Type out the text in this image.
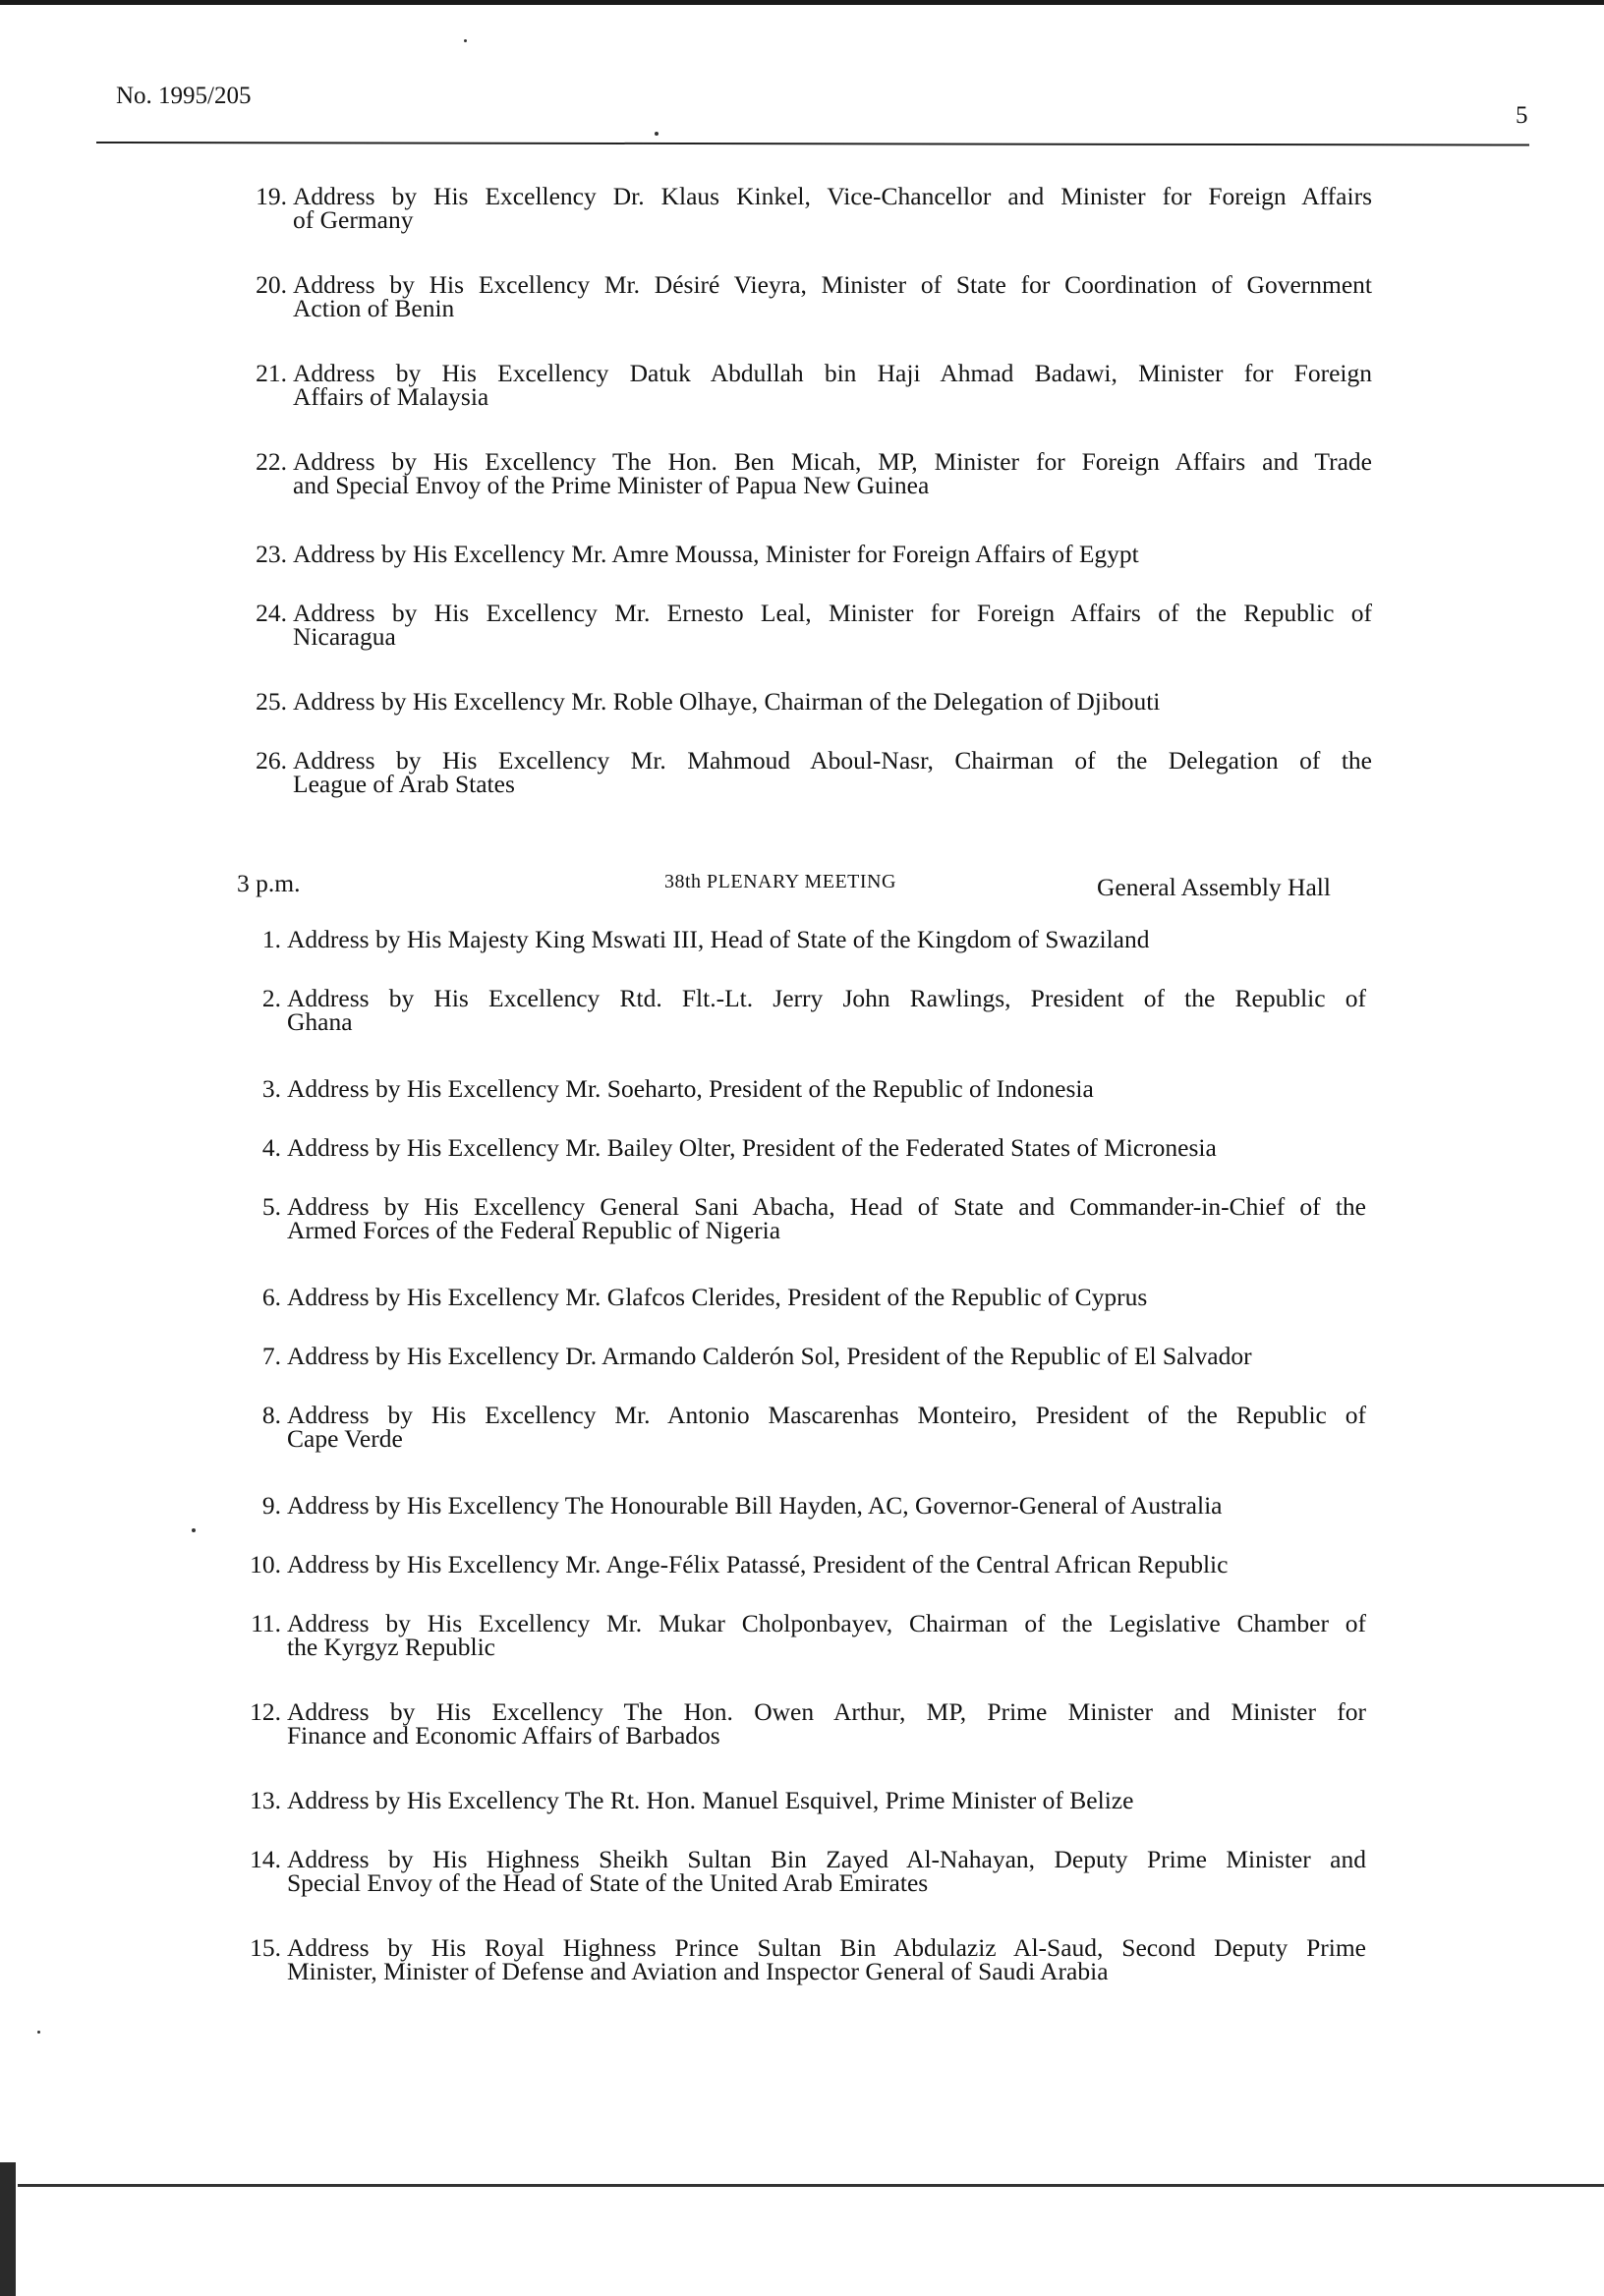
No. 1995/205
5
19. Address by His Excellency Dr. Klaus Kinkel, Vice-Chancellor and Minister for Foreign Affairs
of Germany
20. Address by His Excellency Mr. Désiré Vieyra, Minister of State for Coordination of Government
Action of Benin
21. Address by His Excellency Datuk Abdullah bin Haji Ahmad Badawi, Minister for Foreign
Affairs of Malaysia
22. Address by His Excellency The Hon. Ben Micah, MP, Minister for Foreign Affairs and Trade
and Special Envoy of the Prime Minister of Papua New Guinea
23. Address by His Excellency Mr. Amre Moussa, Minister for Foreign Affairs of Egypt
24. Address by His Excellency Mr. Ernesto Leal, Minister for Foreign Affairs of the Republic of
Nicaragua
25. Address by His Excellency Mr. Roble Olhaye, Chairman of the Delegation of Djibouti
26. Address by His Excellency Mr. Mahmoud Aboul-Nasr, Chairman of the Delegation of the
League of Arab States
3 p.m.	38th PLENARY MEETING	General Assembly Hall
1. Address by His Majesty King Mswati III, Head of State of the Kingdom of Swaziland
2. Address by His Excellency Rtd. Flt.-Lt. Jerry John Rawlings, President of the Republic of
Ghana
3. Address by His Excellency Mr. Soeharto, President of the Republic of Indonesia
4. Address by His Excellency Mr. Bailey Olter, President of the Federated States of Micronesia
5. Address by His Excellency General Sani Abacha, Head of State and Commander-in-Chief of the
Armed Forces of the Federal Republic of Nigeria
6. Address by His Excellency Mr. Glafcos Clerides, President of the Republic of Cyprus
7. Address by His Excellency Dr. Armando Calderón Sol, President of the Republic of El Salvador
8. Address by His Excellency Mr. Antonio Mascarenhas Monteiro, President of the Republic of
Cape Verde
9. Address by His Excellency The Honourable Bill Hayden, AC, Governor-General of Australia
10. Address by His Excellency Mr. Ange-Félix Patassé, President of the Central African Republic
11. Address by His Excellency Mr. Mukar Cholponbayev, Chairman of the Legislative Chamber of
the Kyrgyz Republic
12. Address by His Excellency The Hon. Owen Arthur, MP, Prime Minister and Minister for
Finance and Economic Affairs of Barbados
13. Address by His Excellency The Rt. Hon. Manuel Esquivel, Prime Minister of Belize
14. Address by His Highness Sheikh Sultan Bin Zayed Al-Nahayan, Deputy Prime Minister and
Special Envoy of the Head of State of the United Arab Emirates
15. Address by His Royal Highness Prince Sultan Bin Abdulaziz Al-Saud, Second Deputy Prime
Minister, Minister of Defense and Aviation and Inspector General of Saudi Arabia
